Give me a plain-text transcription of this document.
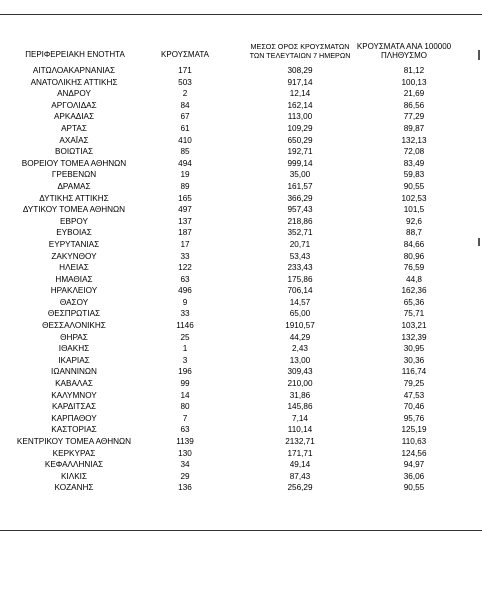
ΠΕΡΙΦΕΡΕΙΑΚΗ ΕΝΟΤΗΤΑ	ΚΡΟΥΣΜΑΤΑ
ΜΕΣΟΣ ΟΡΟΣ ΚΡΟΥΣΜΑΤΩΝ
ΤΩΝ ΤΕΛΕΥΤΑΙΩΝ 7 ΗΜΕΡΩΝ
ΚΡΟΥΣΜΑΤΑ ΑΝΑ 100000
ΠΛΗΘΥΣΜΟ
ΑΙΤΩΛΟΑΚΑΡΝΑΝΙΑΣ	171	308,29	81,12
ΑΝΑΤΟΛΙΚΗΣ ΑΤΤΙΚΗΣ	503	917,14	100,13
ΑΝΔΡΟΥ	2	12,14	21,69
ΑΡΓΟΛΙΔΑΣ	84	162,14	86,56
ΑΡΚΑΔΙΑΣ	67	113,00	77,29
ΑΡΤΑΣ	61	109,29	89,87
ΑΧΑΪΑΣ	410	650,29	132,13
ΒΟΙΩΤΙΑΣ	85	192,71	72,08
ΒΟΡΕΙΟΥ ΤΟΜΕΑ ΑΘΗΝΩΝ	494	999,14	83,49
ΓΡΕΒΕΝΩΝ	19	35,00	59,83
ΔΡΑΜΑΣ	89	161,57	90,55
ΔΥΤΙΚΗΣ ΑΤΤΙΚΗΣ	165	366,29	102,53
ΔΥΤΙΚΟΥ ΤΟΜΕΑ ΑΘΗΝΩΝ	497	957,43	101,5
ΕΒΡΟΥ	137	218,86	92,6
ΕΥΒΟΙΑΣ	187	352,71	88,7
ΕΥΡΥΤΑΝΙΑΣ	17	20,71	84,66
ΖΑΚΥΝΘΟΥ	33	53,43	80,96
ΗΛΕΙΑΣ	122	233,43	76,59
ΗΜΑΘΙΑΣ	63	175,86	44,8
ΗΡΑΚΛΕΙΟΥ	496	706,14	162,36
ΘΑΣΟΥ	9	14,57	65,36
ΘΕΣΠΡΩΤΙΑΣ	33	65,00	75,71
ΘΕΣΣΑΛΟΝΙΚΗΣ	1146	1910,57	103,21
ΘΗΡΑΣ	25	44,29	132,39
ΙΘΑΚΗΣ	1	2,43	30,95
ΙΚΑΡΙΑΣ	3	13,00	30,36
ΙΩΑΝΝΙΝΩΝ	196	309,43	116,74
ΚΑΒΑΛΑΣ	99	210,00	79,25
ΚΑΛΥΜΝΟΥ	14	31,86	47,53
ΚΑΡΔΙΤΣΑΣ	80	145,86	70,46
ΚΑΡΠΑΘΟΥ	7	7,14	95,76
ΚΑΣΤΟΡΙΑΣ	63	110,14	125,19
ΚΕΝΤΡΙΚΟΥ ΤΟΜΕΑ ΑΘΗΝΩΝ	1139	2132,71	110,63
ΚΕΡΚΥΡΑΣ	130	171,71	124,56
ΚΕΦΑΛΛΗΝΙΑΣ	34	49,14	94,97
ΚΙΛΚΙΣ	29	87,43	36,06
ΚΟΖΑΝΗΣ	136	256,29	90,55
